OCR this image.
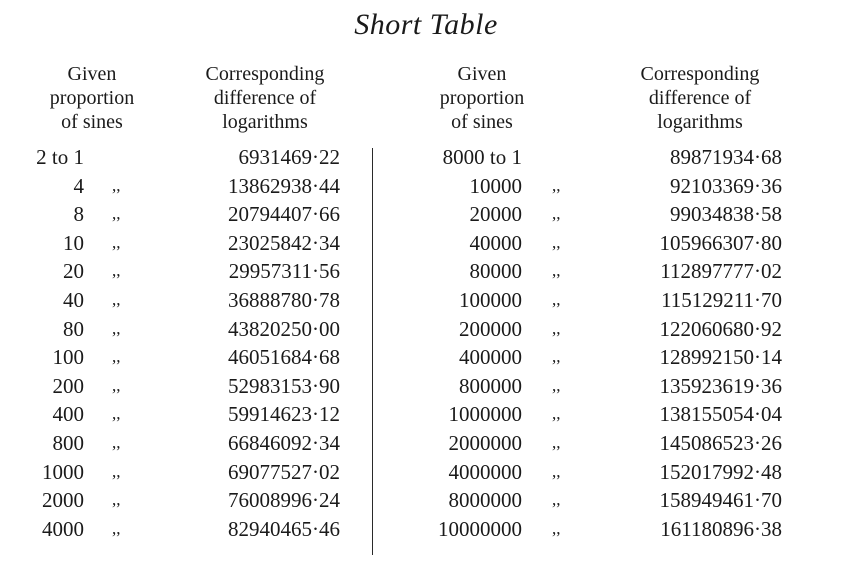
Short Table
Given
proportion
of sines
Corresponding
difference of
logarithms
Given
proportion
of sines
Corresponding
difference of
logarithms
2 to 1	6931469·22	8000 to 1	89871934·68
4 ,,	13862938·44	10000 ,,	92103369·36
8 ,,	20794407·66	20000 ,,	99034838·58
10 ,,	23025842·34	40000 ,,	105966307·80
20 ,,	29957311·56	80000 ,,	112897777·02
40 ,,	36888780·78	100000 ,,	115129211·70
80 ,,	43820250·00	200000 ,,	122060680·92
100 ,,	46051684·68	400000 ,,	128992150·14
200 ,,	52983153·90	800000 ,,	135923619·36
400 ,,	59914623·12	1000000 ,,	138155054·04
800 ,,	66846092·34	2000000 ,,	145086523·26
1000 ,,	69077527·02	4000000 ,,	152017992·48
2000 ,,	76008996·24	8000000 ,,	158949461·70
4000 ,,	82940465·46	10000000 ,,	161180896·38
